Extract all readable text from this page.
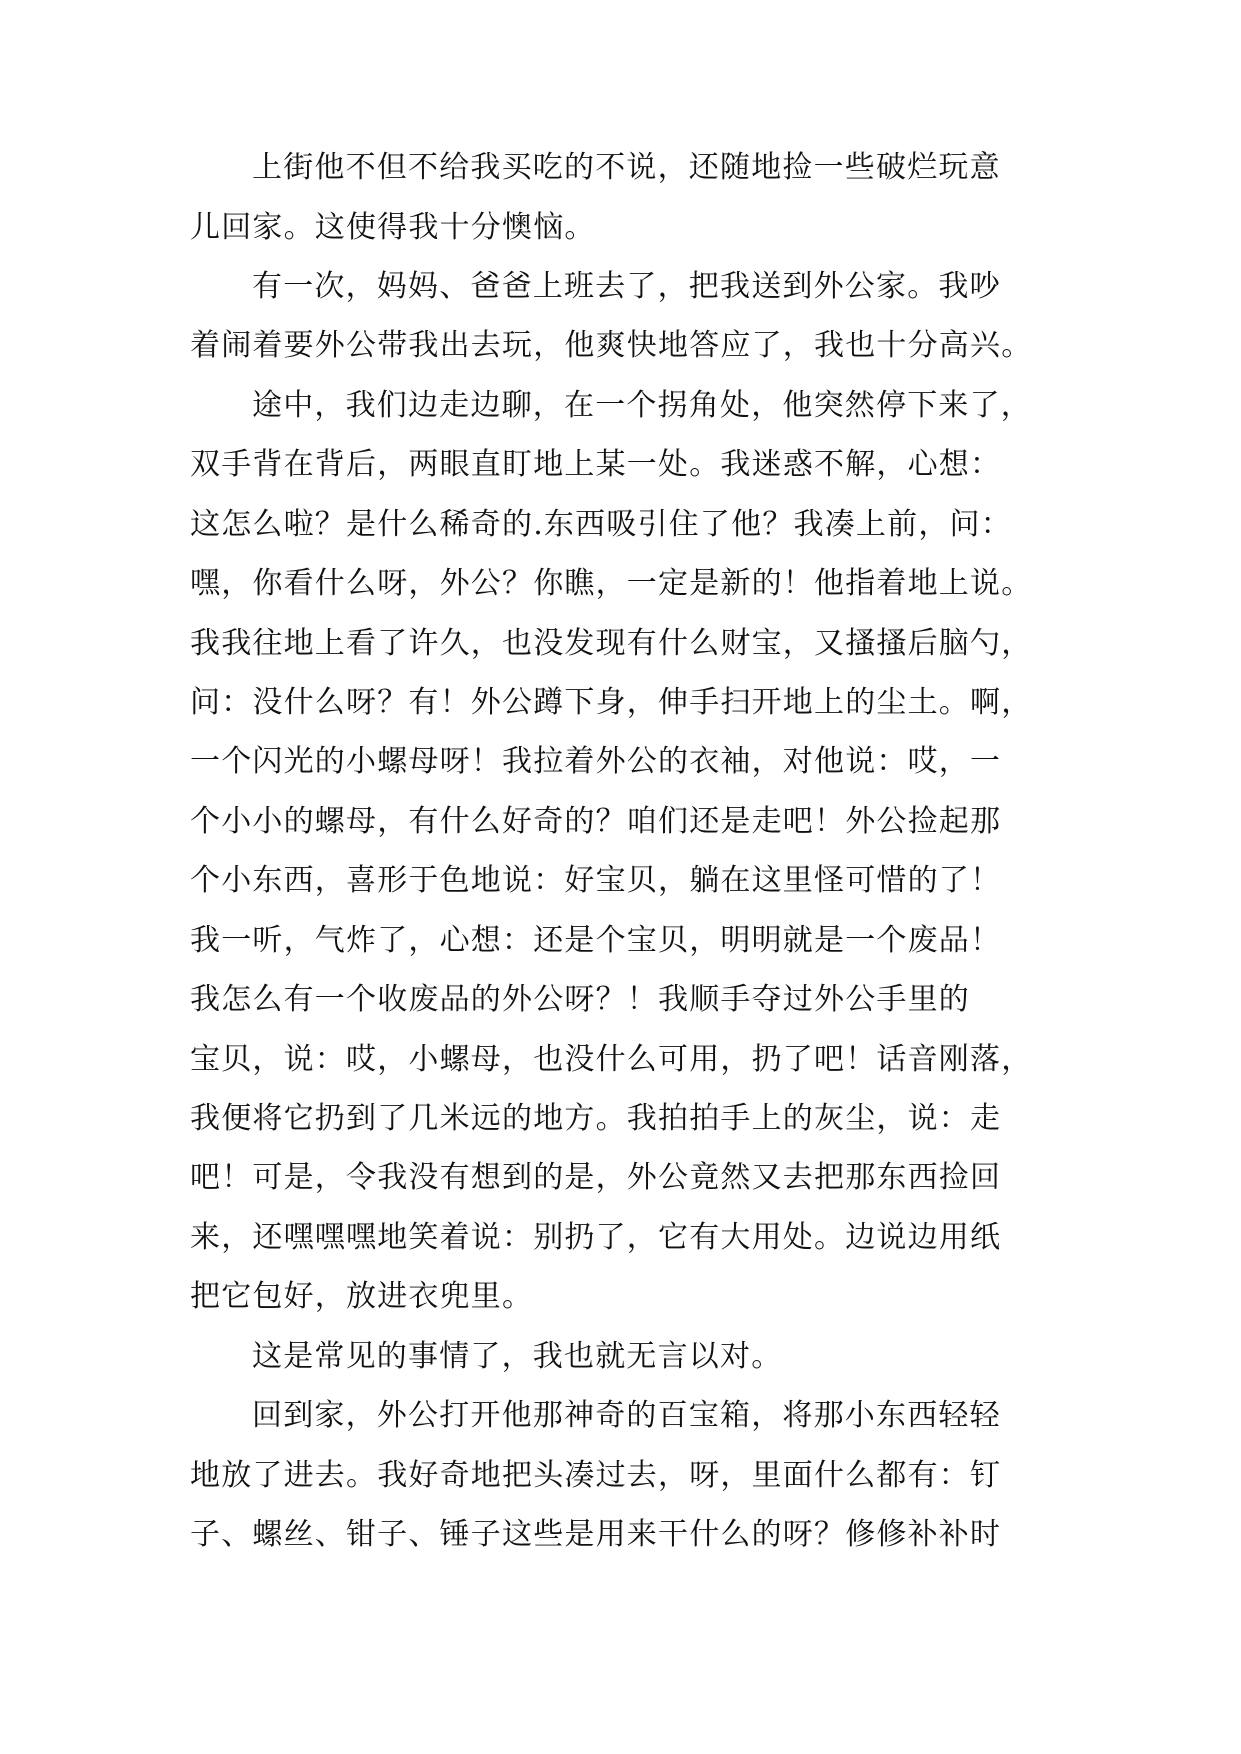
上街他不但不给我买吃的不说，还随地捡一些破烂玩意
儿回家。这使得我十分懊恼。
有一次，妈妈、爸爸上班去了，把我送到外公家。我吵
着闹着要外公带我出去玩，他爽快地答应了，我也十分高兴。
途中，我们边走边聊，在一个拐角处，他突然停下来了，
双手背在背后，两眼直盯地上某一处。我迷惑不解，心想：
这怎么啦？是什么稀奇的.东西吸引住了他？我凑上前，问：
嘿，你看什么呀，外公？你瞧，一定是新的！他指着地上说。
我我往地上看了许久，也没发现有什么财宝，又搔搔后脑勺，
问：没什么呀？有！外公蹲下身，伸手扫开地上的尘土。啊，
一个闪光的小螺母呀！我拉着外公的衣袖，对他说：哎，一
个小小的螺母，有什么好奇的？咱们还是走吧！外公捡起那
个小东西，喜形于色地说：好宝贝，躺在这里怪可惜的了！
我一听，气炸了，心想：还是个宝贝，明明就是一个废品！
我怎么有一个收废品的外公呀？！我顺手夺过外公手里的
宝贝，说：哎，小螺母，也没什么可用，扔了吧！话音刚落，
我便将它扔到了几米远的地方。我拍拍手上的灰尘，说：走
吧！可是，令我没有想到的是，外公竟然又去把那东西捡回
来，还嘿嘿嘿地笑着说：别扔了，它有大用处。边说边用纸
把它包好，放进衣兜里。
这是常见的事情了，我也就无言以对。
回到家，外公打开他那神奇的百宝箱，将那小东西轻轻
地放了进去。我好奇地把头凑过去，呀，里面什么都有：钉
子、螺丝、钳子、锤子这些是用来干什么的呀？修修补补时
